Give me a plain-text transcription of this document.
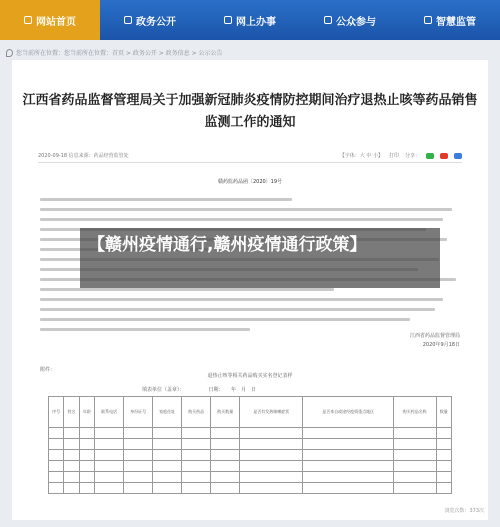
网站首页	政务公开	网上办事	公众参与	智慧监管
您当前所在位置：您当前所在位置：首页 > 政务公开 > 政务信息 > 公示公告
江西省药品监督管理局关于加强新冠肺炎疫情防控期间治疗退热止咳等药品销售
监测工作的通知
2020-09-18 信息来源：药品经营监管处	【字体：大 中 小】 打印 分享：
赣药监药品函〔2020〕19号
江西省药品监督管理局
2020年9月18日
附件：
退热止咳等相关药品购买实名登记表样
填表单位（盖章）：	日期：　　年　月　日
序号	姓名	年龄	联系电话	身份证号	家庭住址	购买药品	购买数量	是否有发热咳嗽症状	是否来自或途经疫情重点地区	购买药品名称	数量

浏览次数：373次
【赣州疫情通行,赣州疫情通行政策】
